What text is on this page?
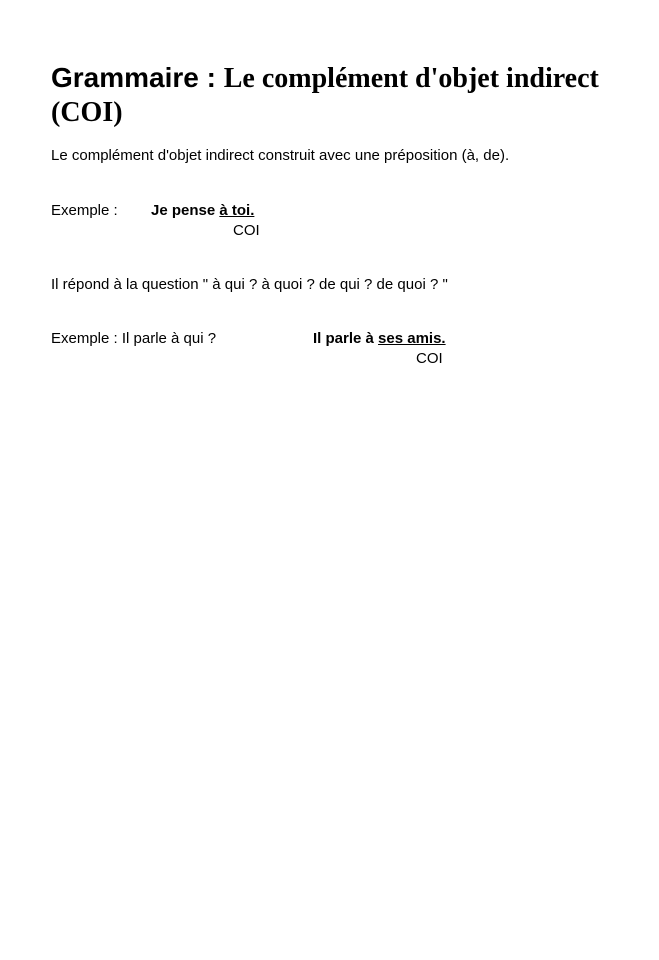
Grammaire : Le complément d'objet indirect (COI)
Le complément d'objet indirect construit avec une préposition (à, de).
Exemple : Je pense à toi.
COI
Il répond à la question " à qui ? à quoi ? de qui ? de quoi ? "
Exemple : Il parle à qui ?	Il parle à ses amis.
COI
